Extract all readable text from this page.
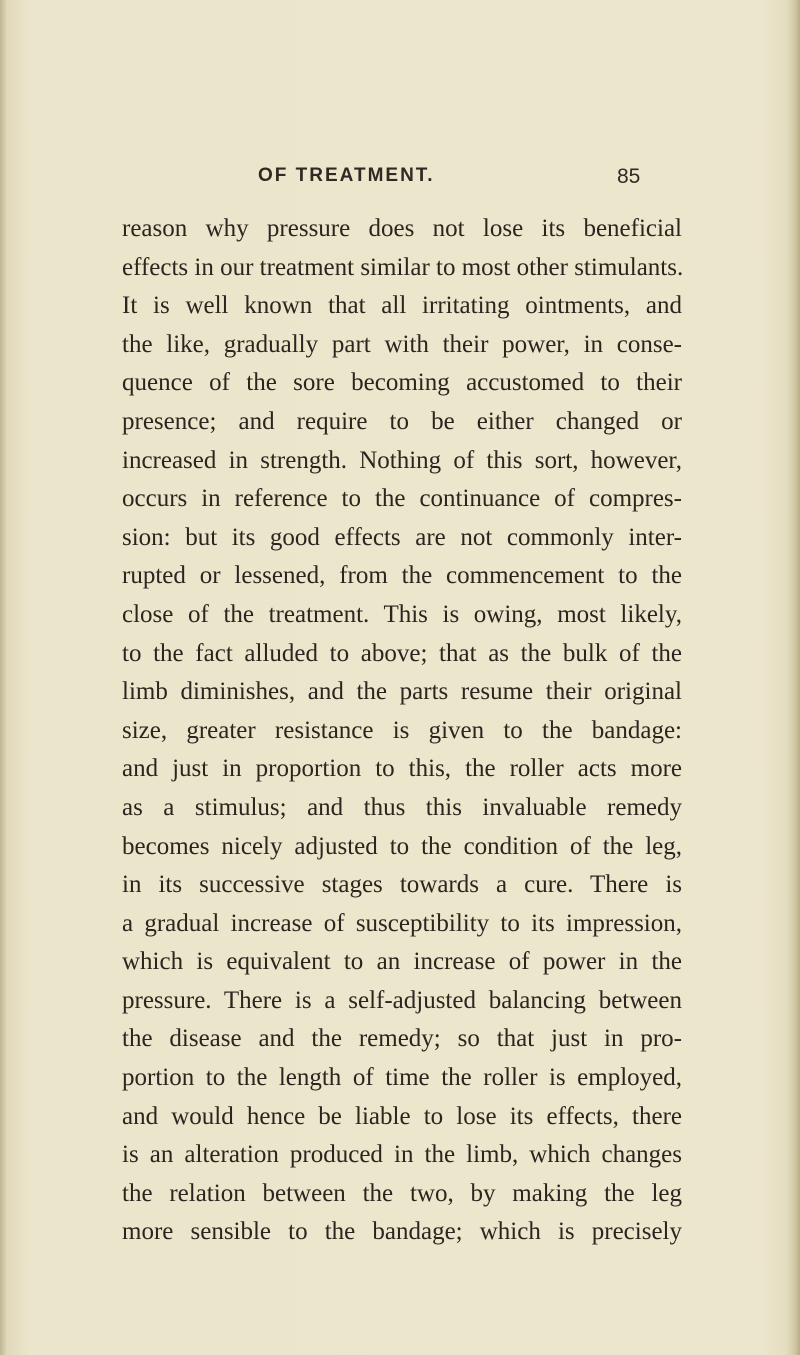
OF TREATMENT.	85
reason why pressure does not lose its beneficial
effects in our treatment similar to most other stimulants.
It is well known that all irritating ointments, and
the like, gradually part with their power, in conse-
quence of the sore becoming accustomed to their
presence; and require to be either changed or
increased in strength. Nothing of this sort, however,
occurs in reference to the continuance of compres-
sion: but its good effects are not commonly inter-
rupted or lessened, from the commencement to the
close of the treatment. This is owing, most likely,
to the fact alluded to above; that as the bulk of the
limb diminishes, and the parts resume their original
size, greater resistance is given to the bandage:
and just in proportion to this, the roller acts more
as a stimulus; and thus this invaluable remedy
becomes nicely adjusted to the condition of the leg,
in its successive stages towards a cure. There is
a gradual increase of susceptibility to its impression,
which is equivalent to an increase of power in the
pressure. There is a self-adjusted balancing between
the disease and the remedy; so that just in pro-
portion to the length of time the roller is employed,
and would hence be liable to lose its effects, there
is an alteration produced in the limb, which changes
the relation between the two, by making the leg
more sensible to the bandage; which is precisely
